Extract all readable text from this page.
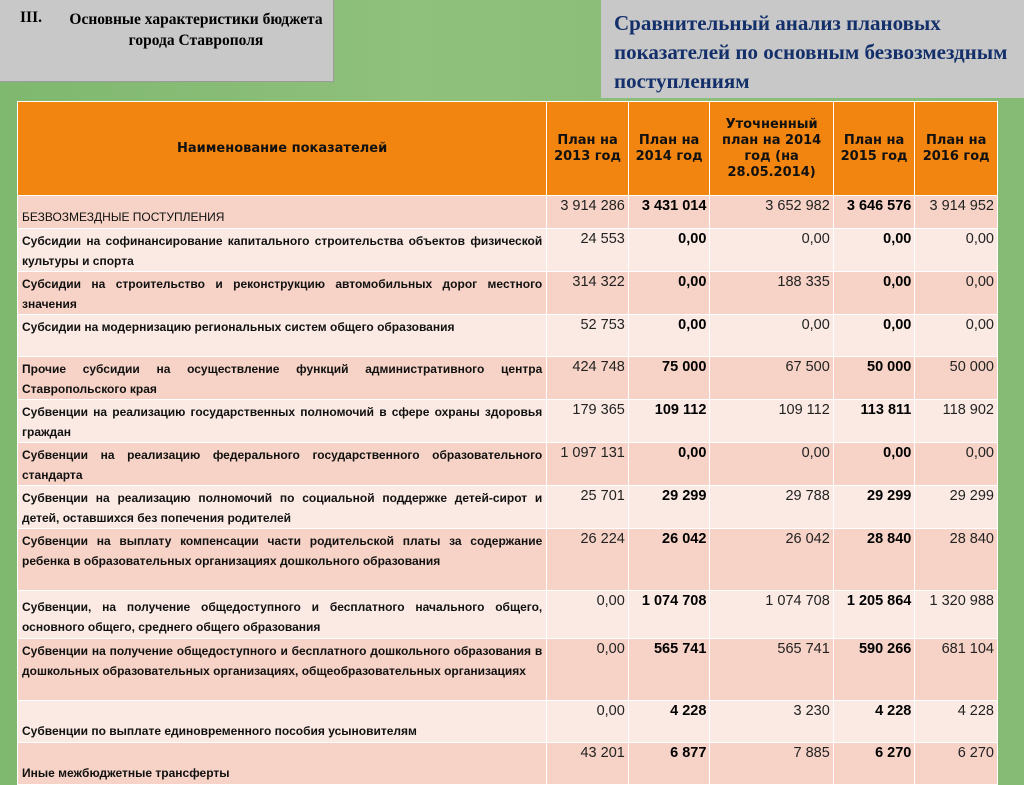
III.	Основные характеристики бюджета города Ставрополя
Сравнительный анализ плановых показателей по основным безвозмездным поступлениям
Наименование показателей	План на 2013 год	План на 2014 год	Уточненный план на 2014 год (на 28.05.2014)	План на 2015 год	План на 2016 год
БЕЗВОЗМЕЗДНЫЕ ПОСТУПЛЕНИЯ	3 914 286	3 431 014	3 652 982	3 646 576	3 914 952
Субсидии на софинансирование капитального строительства объектов физической культуры и спорта	24 553	0,00	0,00	0,00	0,00
Субсидии на строительство и реконструкцию автомобильных дорог местного значения	314 322	0,00	188 335	0,00	0,00
Субсидии на модернизацию региональных систем общего образования	52 753	0,00	0,00	0,00	0,00
Прочие субсидии на осуществление функций административного центра Ставропольского края	424 748	75 000	67 500	50 000	50 000
Субвенции на реализацию государственных полномочий в сфере охраны здоровья граждан	179 365	109 112	109 112	113 811	118 902
Субвенции на реализацию федерального государственного образовательного стандарта	1 097 131	0,00	0,00	0,00	0,00
Субвенции на реализацию полномочий по социальной поддержке детей-сирот и детей, оставшихся без попечения родителей	25 701	29 299	29 788	29 299	29 299
Субвенции на выплату компенсации части родительской платы за содержание ребенка в образовательных организациях дошкольного образования	26 224	26 042	26 042	28 840	28 840
Субвенции, на получение общедоступного и бесплатного начального общего, основного общего, среднего общего образования	0,00	1 074 708	1 074 708	1 205 864	1 320 988
Субвенции на получение общедоступного и бесплатного дошкольного образования в дошкольных образовательных организациях, общеобразовательных организациях	0,00	565 741	565 741	590 266	681 104
Субвенции по выплате единовременного пособия усыновителям	0,00	4 228	3 230	4 228	4 228
Иные межбюджетные трансферты	43 201	6 877	7 885	6 270	6 270
